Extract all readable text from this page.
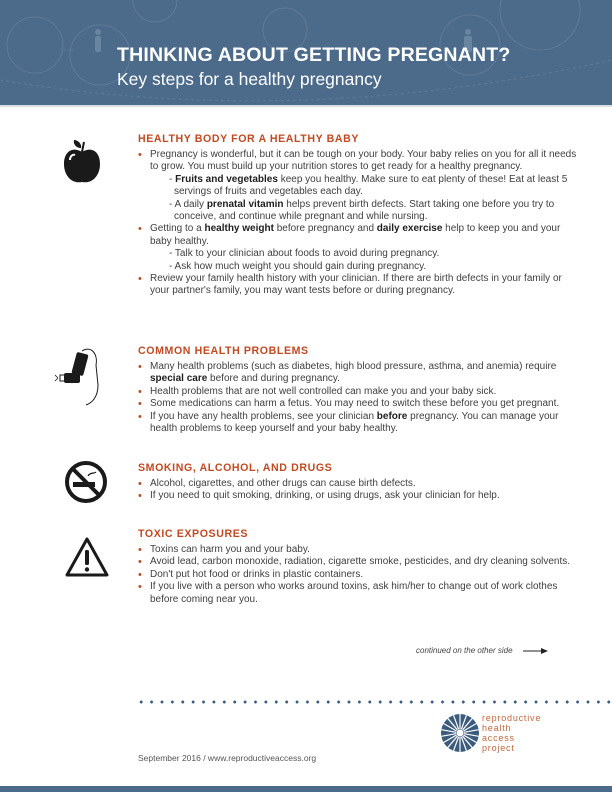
THINKING ABOUT GETTING PREGNANT?
Key steps for a healthy pregnancy
HEALTHY BODY FOR A HEALTHY BABY
• Pregnancy is wonderful, but it can be tough on your body. Your baby relies on you for all it needs to grow. You must build up your nutrition stores to get ready for a healthy pregnancy.
- Fruits and vegetables keep you healthy. Make sure to eat plenty of these! Eat at least 5 servings of fruits and vegetables each day.
- A daily prenatal vitamin helps prevent birth defects. Start taking one before you try to conceive, and continue while pregnant and while nursing.
• Getting to a healthy weight before pregnancy and daily exercise help to keep you and your baby healthy.
- Talk to your clinician about foods to avoid during pregnancy.
- Ask how much weight you should gain during pregnancy.
• Review your family health history with your clinician. If there are birth defects in your family or your partner's family, you may want tests before or during pregnancy.
COMMON HEALTH PROBLEMS
• Many health problems (such as diabetes, high blood pressure, asthma, and anemia) require special care before and during pregnancy.
• Health problems that are not well controlled can make you and your baby sick.
• Some medications can harm a fetus. You may need to switch these before you get pregnant.
• If you have any health problems, see your clinician before pregnancy. You can manage your health problems to keep yourself and your baby healthy.
SMOKING, ALCOHOL, AND DRUGS
• Alcohol, cigarettes, and other drugs can cause birth defects.
• If you need to quit smoking, drinking, or using drugs, ask your clinician for help.
TOXIC EXPOSURES
• Toxins can harm you and your baby.
• Avoid lead, carbon monoxide, radiation, cigarette smoke, pesticides, and dry cleaning solvents.
• Don't put hot food or drinks in plastic containers.
• If you live with a person who works around toxins, ask him/her to change out of work clothes before coming near you.
continued on the other side
reproductive
health
access
project
September 2016 / www.reproductiveaccess.org
